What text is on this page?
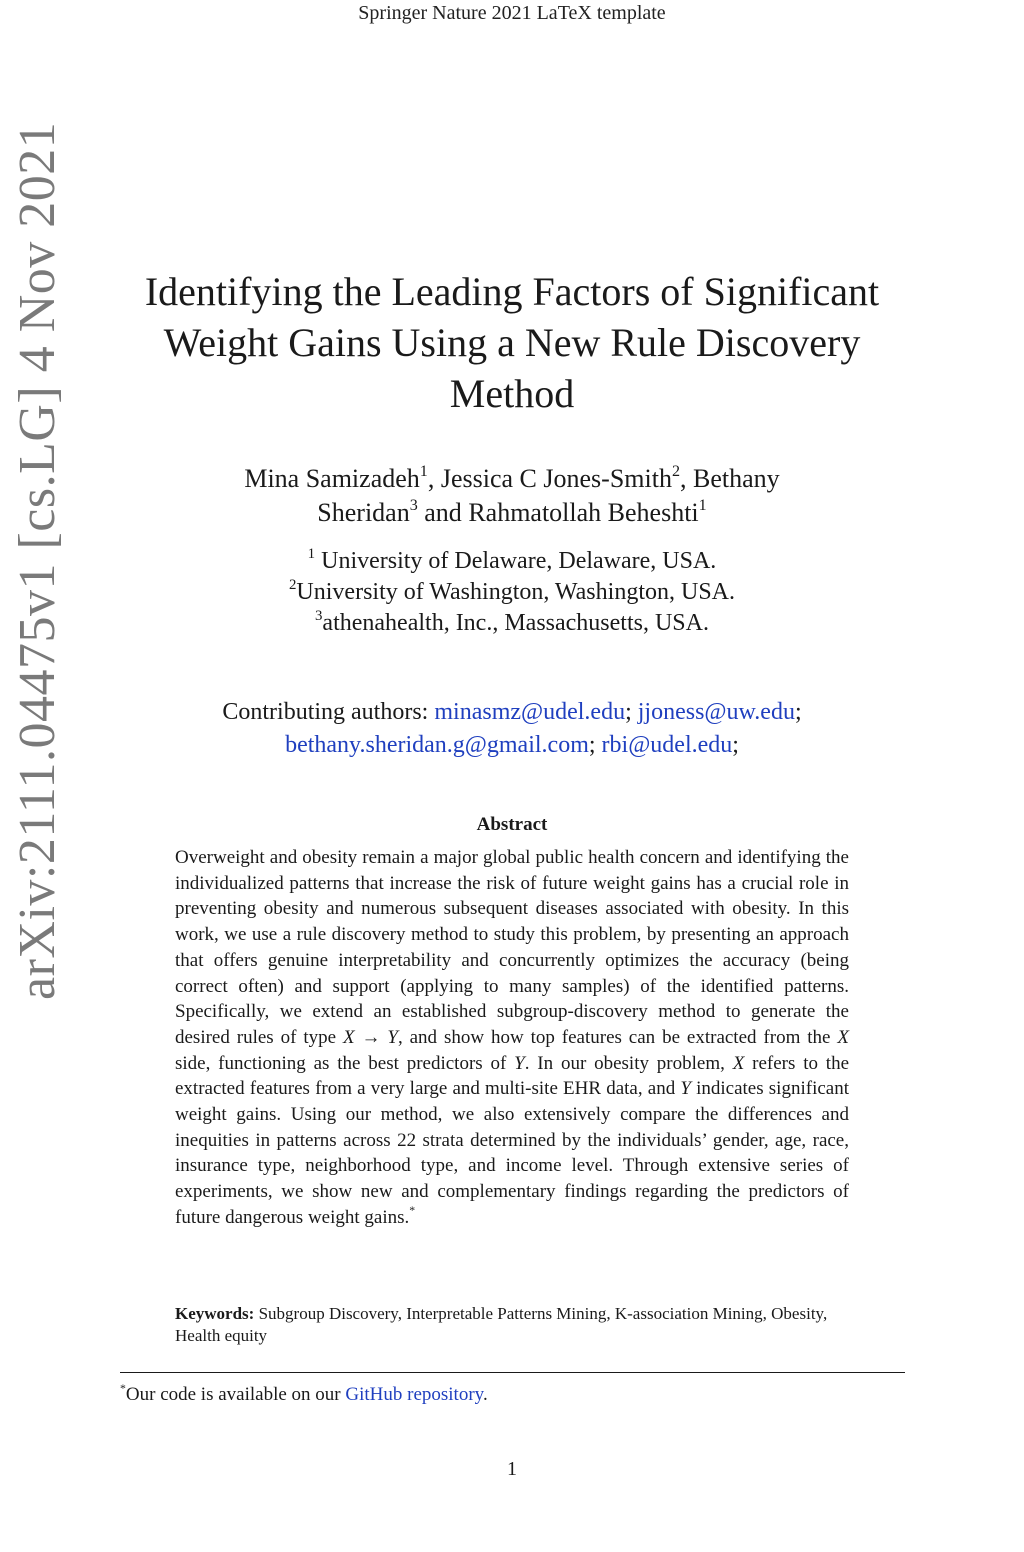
Springer Nature 2021 LaTeX template
arXiv:2111.04475v1 [cs.LG] 4 Nov 2021	Identifying the Leading Factors of Significant
Weight Gains Using a New Rule Discovery
Method
Mina Samizadeh$^1$, Jessica C Jones-Smith$^2$, Bethany
Sheridan$^3$ and Rahmatollah Beheshti$^1$
$^1$ University of Delaware, Delaware, USA.
$^2$University of Washington, Washington, USA.
$^3$athenahealth, Inc., Massachusetts, USA.
Contributing authors: minasmz@udel.edu; jjoness@uw.edu;
bethany.sheridan.g@gmail.com; rbi@udel.edu;
Abstract
Overweight and obesity remain a major global public health concern and identifying the individualized patterns that increase the risk of future weight gains has a crucial role in preventing obesity and numerous subsequent diseases associated with obesity. In this work, we use a rule discovery method to study this problem, by presenting an approach that offers genuine interpretability and concurrently optimizes the accuracy (being correct often) and support (applying to many samples) of the identified patterns. Specifically, we extend an established subgroup-discovery method to generate the desired rules of type X → Y, and show how top features can be extracted from the X side, functioning as the best predictors of Y. In our obesity problem, X refers to the extracted features from a very large and multi-site EHR data, and Y indicates significant weight gains. Using our method, we also extensively compare the differences and inequities in patterns across 22 strata determined by the individuals’ gender, age, race, insurance type, neighborhood type, and income level. Through extensive series of experiments, we show new and complementary findings regarding the predictors of future dangerous weight gains.*
Keywords: Subgroup Discovery, Interpretable Patterns Mining, K-association Mining, Obesity, Health equity
*Our code is available on our GitHub repository.
1
